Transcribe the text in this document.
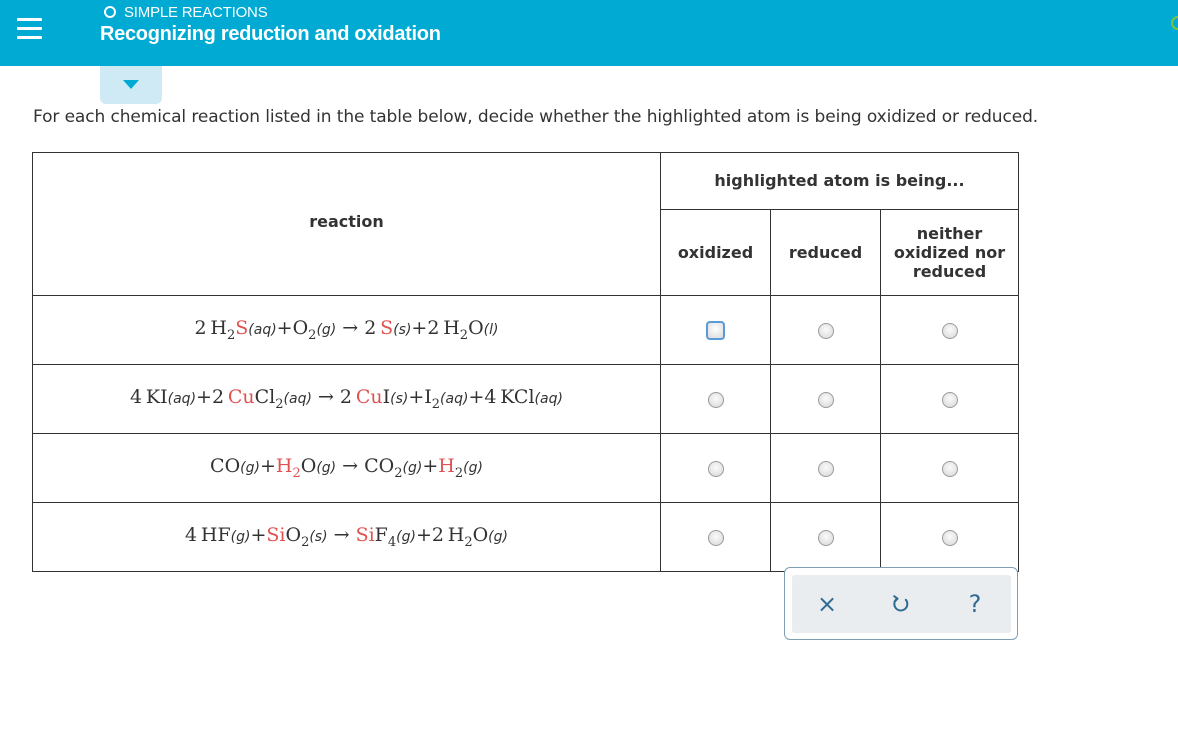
SIMPLE REACTIONS
Recognizing reduction and oxidation
For each chemical reaction listed in the table below, decide whether the highlighted atom is being oxidized or reduced.
reaction	highlighted atom is being...		
	oxidized	reduced	neither oxidized nor reduced

2 $H_2S(aq)+O_2(g) \to 2$ S(s)+2 $H_2O(l)$			
4 KI(aq)+2 CuCl$_2$(aq) → 2 $CuI(s)+I_2(aq)+4$ KCl(aq)			
$CO(g)+H_2O(g) \to CO_2(g)+H_2(g)$			
4 HF(g)+SiO$_2$(s) → SiF$_4$(g)+2 $H_2O(g)$			
×	?
